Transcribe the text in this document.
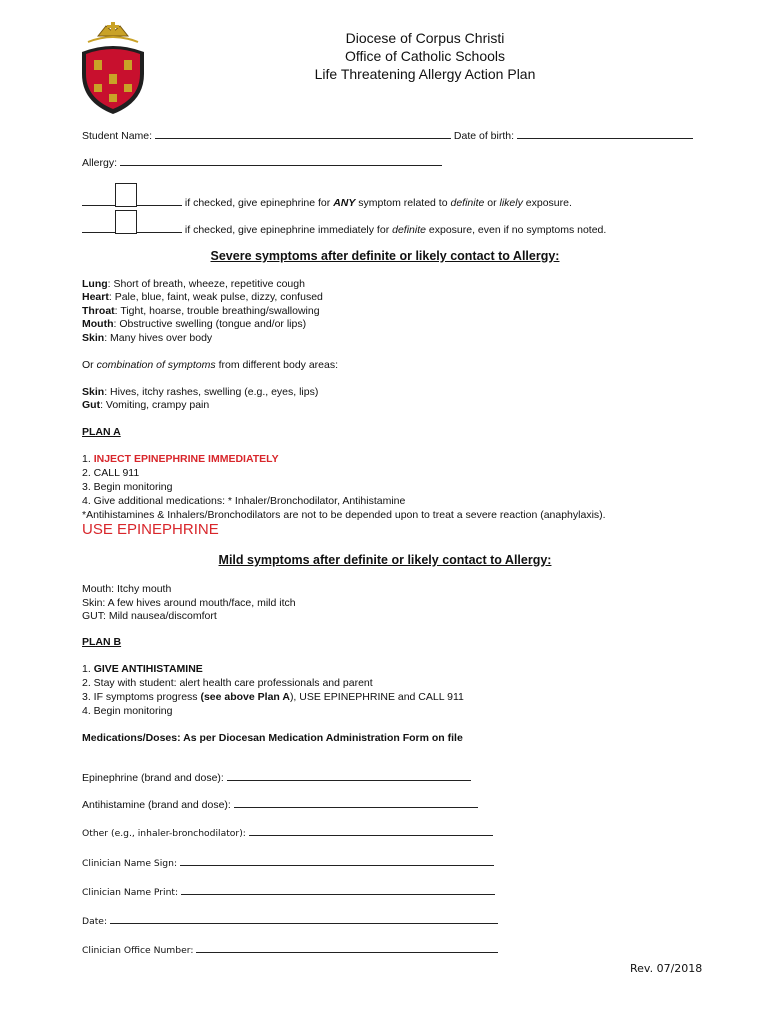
Diocese of Corpus Christi
Office of Catholic Schools
Life Threatening Allergy Action Plan
Student Name:	Date of birth:
Allergy:
if checked, give epinephrine for ANY symptom related to definite or likely exposure.
if checked, give epinephrine immediately for definite exposure, even if no symptoms noted.
Severe symptoms after definite or likely contact to Allergy:
Lung: Short of breath, wheeze, repetitive cough
Heart: Pale, blue, faint, weak pulse, dizzy, confused
Throat: Tight, hoarse, trouble breathing/swallowing
Mouth: Obstructive swelling (tongue and/or lips)
Skin: Many hives over body
Or combination of symptoms from different body areas:
Skin: Hives, itchy rashes, swelling (e.g., eyes, lips)
Gut: Vomiting, crampy pain
PLAN A
1. INJECT EPINEPHRINE IMMEDIATELY
2. CALL 911
3. Begin monitoring
4. Give additional medications: * Inhaler/Bronchodilator, Antihistamine
*Antihistamines & Inhalers/Bronchodilators are not to be depended upon to treat a severe reaction (anaphylaxis).
USE EPINEPHRINE
Mild symptoms after definite or likely contact to Allergy:
Mouth: Itchy mouth
Skin: A few hives around mouth/face, mild itch
GUT: Mild nausea/discomfort
PLAN B
1. GIVE ANTIHISTAMINE
2. Stay with student: alert health care professionals and parent
3. IF symptoms progress (see above Plan A), USE EPINEPHRINE and CALL 911
4. Begin monitoring
Medications/Doses: As per Diocesan Medication Administration Form on file
Epinephrine (brand and dose):
Antihistamine (brand and dose):
Other (e.g., inhaler-bronchodilator):
Clinician Name Sign:
Clinician Name Print:
Date:
Clinician Office Number:
Rev. 07/2018
